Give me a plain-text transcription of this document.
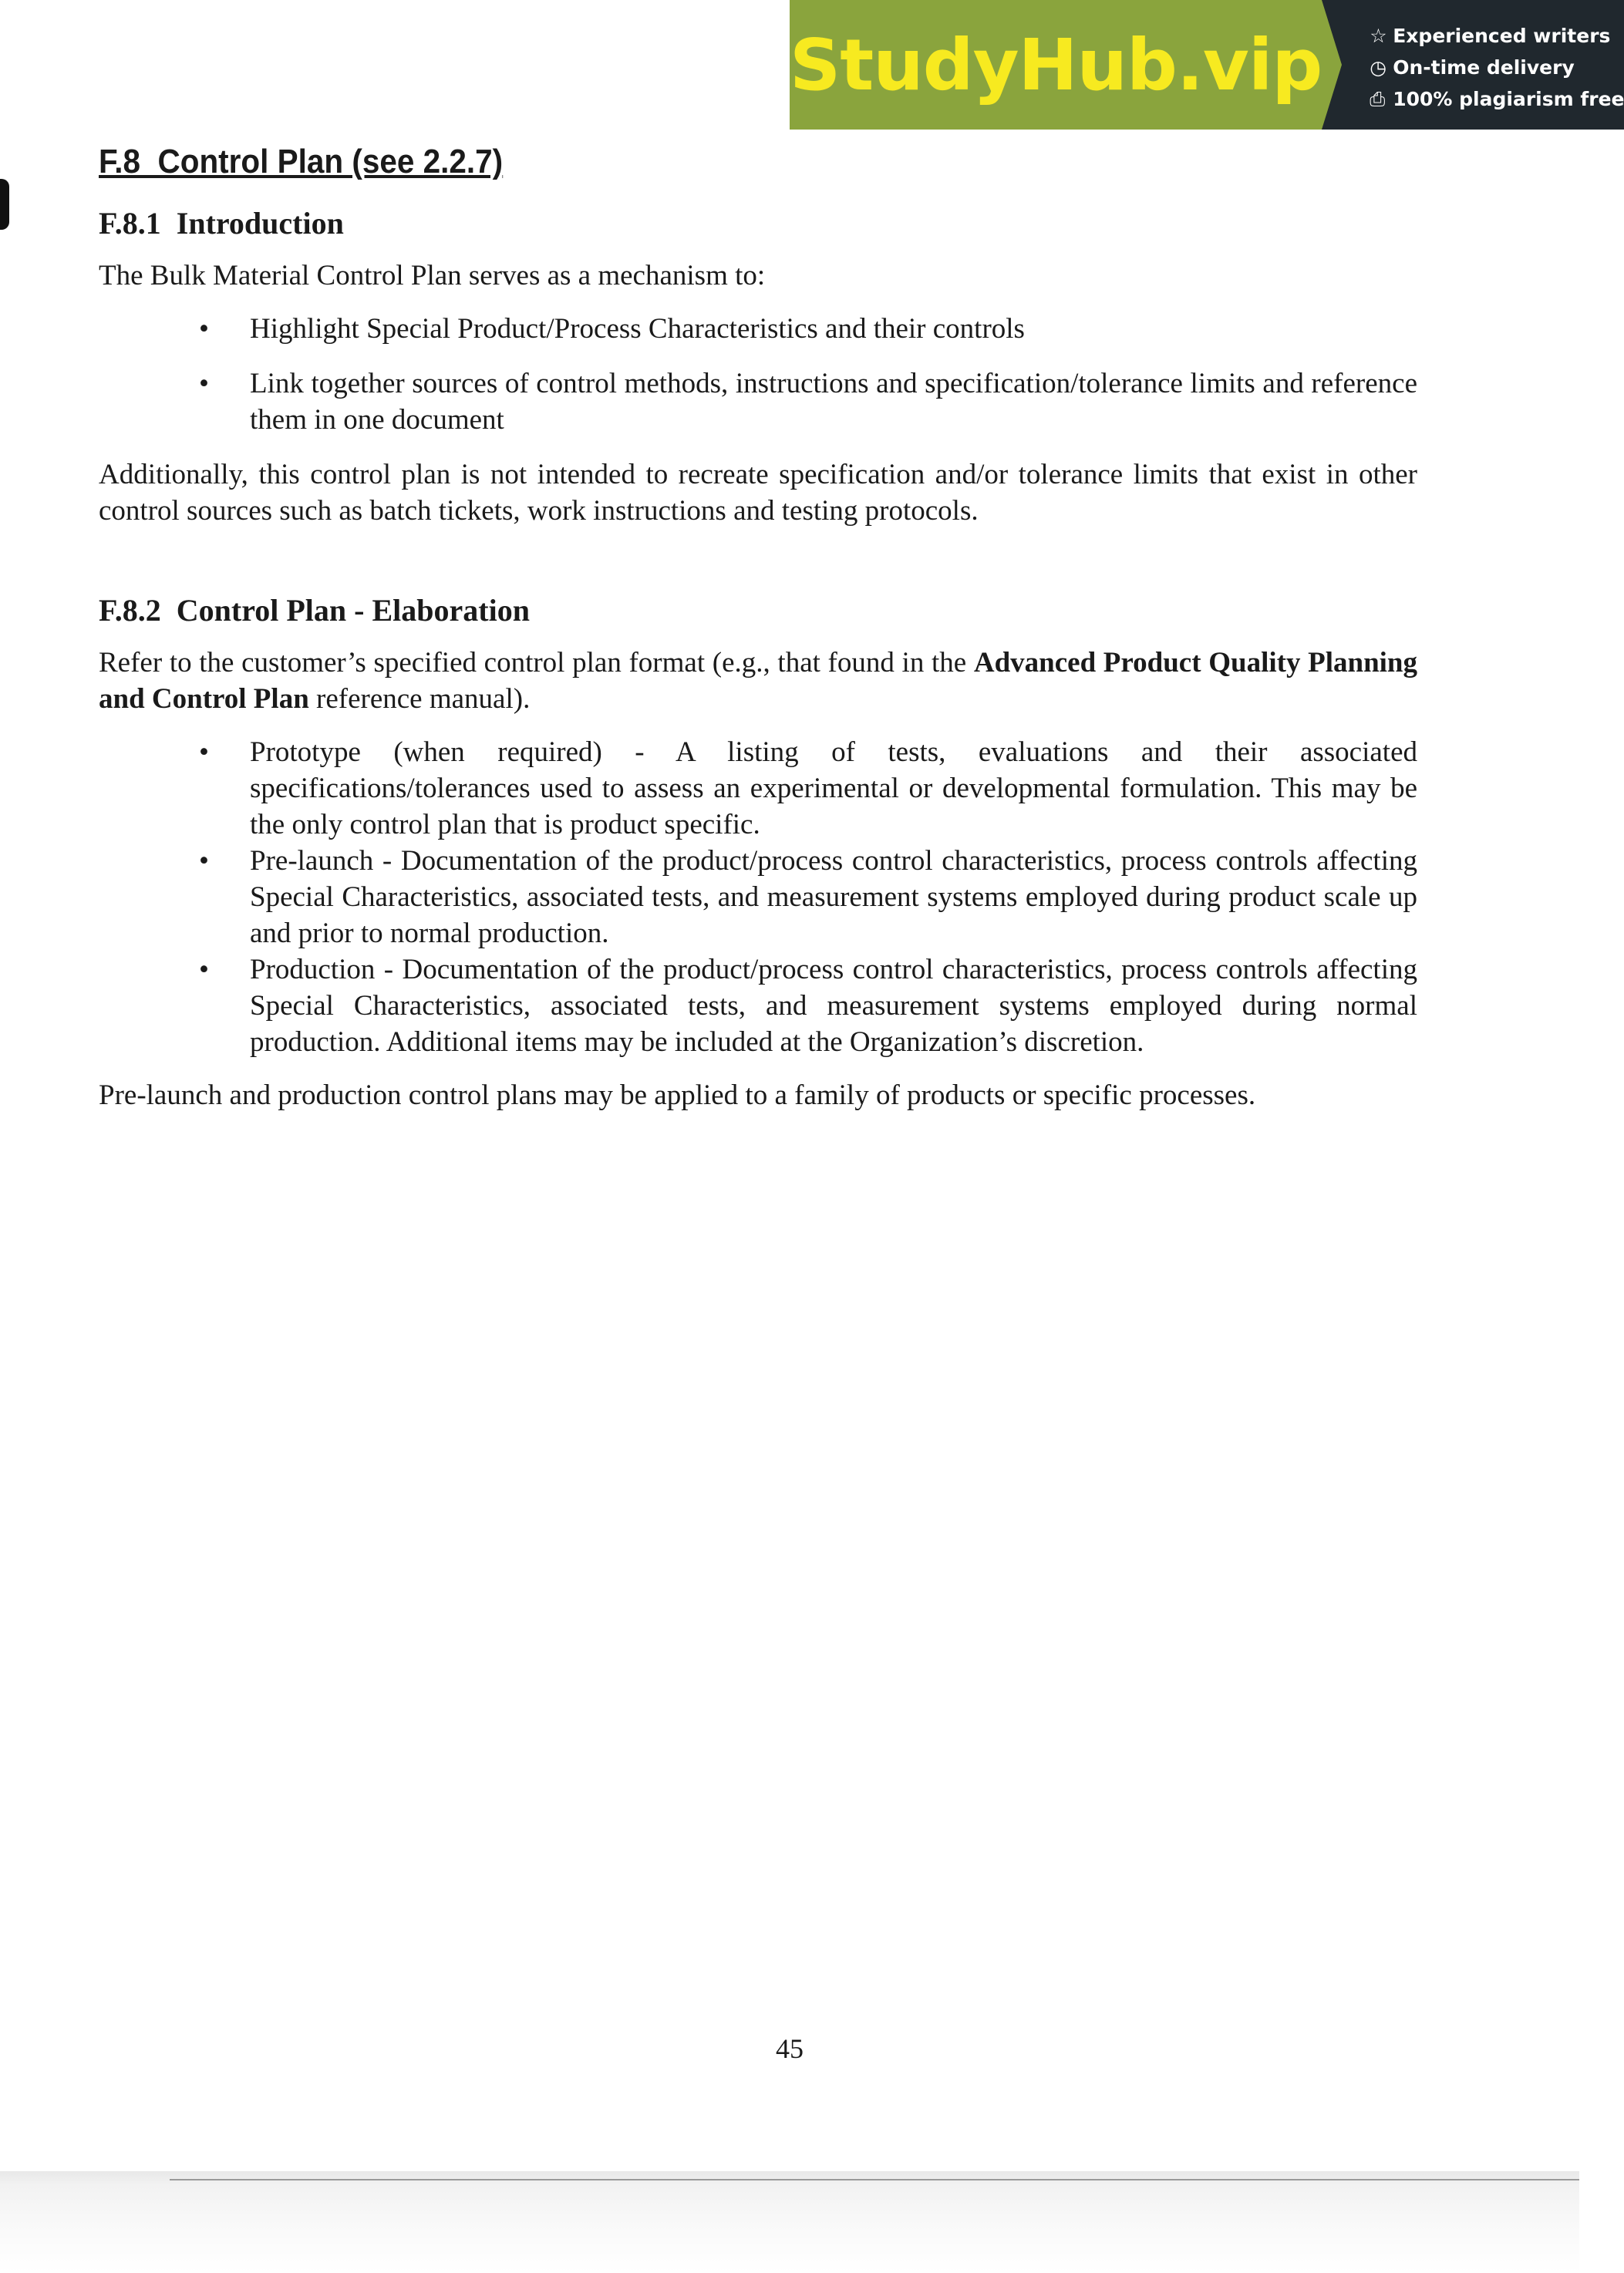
StudyHub.vip ☆ Experienced writers
◷ On-time delivery
⎙ 100% plagiarism free
F.8  Control Plan (see 2.2.7)
F.8.1  Introduction

The Bulk Material Control Plan serves as a mechanism to:

• Highlight Special Product/Process Characteristics and their controls
• Link together sources of control methods, instructions and specification/tolerance limits and reference them in one document

Additionally, this control plan is not intended to recreate specification and/or tolerance limits that exist in other control sources such as batch tickets, work instructions and testing protocols.

F.8.2  Control Plan - Elaboration

Refer to the customer’s specified control plan format (e.g., that found in the Advanced Product Quality Planning and Control Plan reference manual).

• Prototype (when required) - A listing of tests, evaluations and their associated specifications/tolerances used to assess an experimental or developmental formulation. This may be the only control plan that is product specific.
• Pre-launch - Documentation of the product/process control characteristics, process controls affecting Special Characteristics, associated tests, and measurement systems employed during product scale up and prior to normal production.
• Production - Documentation of the product/process control characteristics, process controls affecting Special Characteristics, associated tests, and measurement systems employed during normal production. Additional items may be included at the Organization’s discretion.

Pre-launch and production control plans may be applied to a family of products or specific processes.

45
